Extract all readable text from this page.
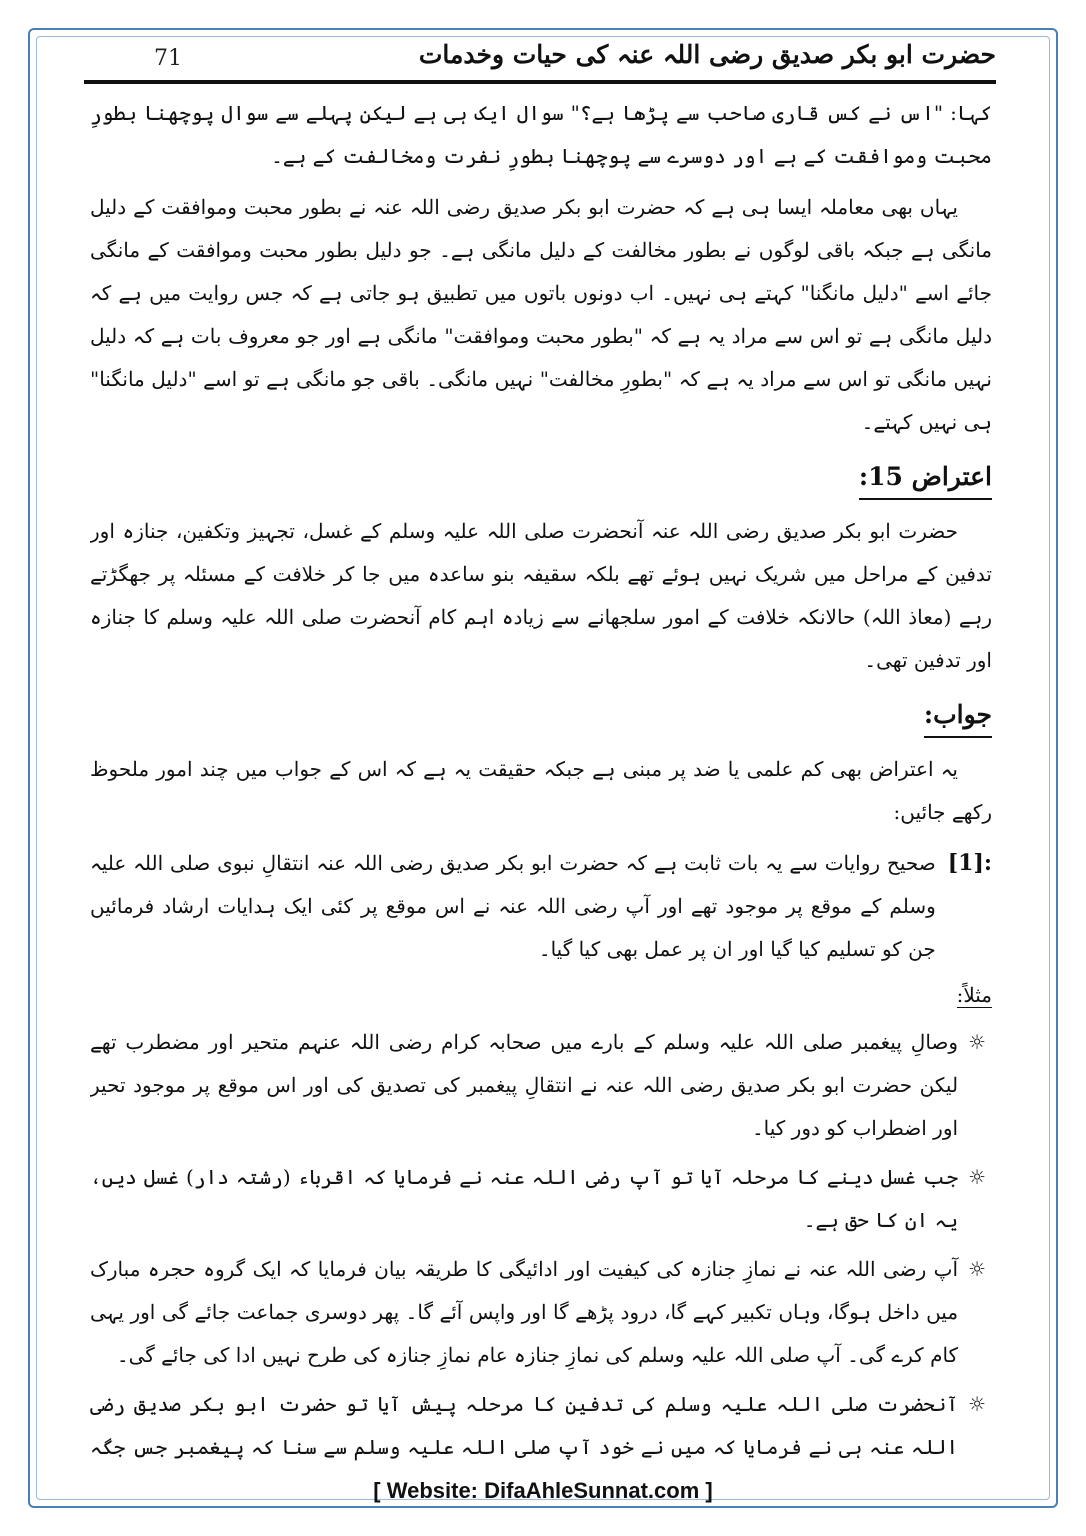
71	حضرت ابو بکر صدیق رضی اللہ عنہ کی حیات وخدمات

کہا: "اس نے کس قاری صاحب سے پڑھا ہے؟" سوال ایک ہی ہے لیکن پہلے سے سوال پوچھنا بطورِ محبت وموافقت کے ہے اور دوسرے سے پوچھنا بطورِ نفرت ومخالفت کے ہے۔

یہاں بھی معاملہ ایسا ہی ہے کہ حضرت ابو بکر صدیق رضی اللہ عنہ نے بطور محبت وموافقت کے دلیل مانگی ہے جبکہ باقی لوگوں نے بطور مخالفت کے دلیل مانگی ہے۔ جو دلیل بطور محبت وموافقت کے مانگی جائے اسے "دلیل مانگنا" کہتے ہی نہیں۔ اب دونوں باتوں میں تطبیق ہو جاتی ہے کہ جس روایت میں ہے کہ دلیل مانگی ہے تو اس سے مراد یہ ہے کہ "بطور محبت وموافقت" مانگی ہے اور جو معروف بات ہے کہ دلیل نہیں مانگی تو اس سے مراد یہ ہے کہ "بطورِ مخالفت" نہیں مانگی۔ باقی جو مانگی ہے تو اسے "دلیل مانگنا" ہی نہیں کہتے۔

اعتراض 15:

حضرت ابو بکر صدیق رضی اللہ عنہ آنحضرت صلی اللہ علیہ وسلم کے غسل، تجہیز وتکفین، جنازہ اور تدفین کے مراحل میں شریک نہیں ہوئے تھے بلکہ سقیفہ بنو ساعدہ میں جا کر خلافت کے مسئلہ پر جھگڑتے رہے (معاذ اللہ) حالانکہ خلافت کے امور سلجھانے سے زیادہ اہم کام آنحضرت صلی اللہ علیہ وسلم کا جنازہ اور تدفین تھی۔

جواب:

یہ اعتراض بھی کم علمی یا ضد پر مبنی ہے جبکہ حقیقت یہ ہے کہ اس کے جواب میں چند امور ملحوظ رکھے جائیں:

[1]:

صحیح روایات سے یہ بات ثابت ہے کہ حضرت ابو بکر صدیق رضی اللہ عنہ انتقالِ نبوی صلی اللہ علیہ وسلم کے موقع پر موجود تھے اور آپ رضی اللہ عنہ نے اس موقع پر کئی ایک ہدایات ارشاد فرمائیں جن کو تسلیم کیا گیا اور ان پر عمل بھی کیا گیا۔

مثلاً:
☼

وصالِ پیغمبر صلی اللہ علیہ وسلم کے بارے میں صحابہ کرام رضی اللہ عنہم متحیر اور مضطرب تھے لیکن حضرت ابو بکر صدیق رضی اللہ عنہ نے انتقالِ پیغمبر کی تصدیق کی اور اس موقع پر موجود تحیر اور اضطراب کو دور کیا۔

☼

جب غسل دینے کا مرحلہ آیا تو آپ رضی اللہ عنہ نے فرمایا کہ اقرباء (رشتہ دار) غسل دیں، یہ ان کا حق ہے۔

☼

آپ رضی اللہ عنہ نے نمازِ جنازہ کی کیفیت اور ادائیگی کا طریقہ بیان فرمایا کہ ایک گروہ حجرہ مبارک میں داخل ہوگا، وہاں تکبیر کہے گا، درود پڑھے گا اور واپس آئے گا۔ پھر دوسری جماعت جائے گی اور یہی کام کرے گی۔ آپ صلی اللہ علیہ وسلم کی نمازِ جنازہ عام نمازِ جنازہ کی طرح نہیں ادا کی جائے گی۔

☼

آنحضرت صلی اللہ علیہ وسلم کی تدفین کا مرحلہ پیش آیا تو حضرت ابو بکر صدیق رضی اللہ عنہ ہی نے فرمایا کہ میں نے خود آپ صلی اللہ علیہ وسلم سے سنا کہ پیغمبر جس جگہ

[ Website: DifaAhleSunnat.com ]
